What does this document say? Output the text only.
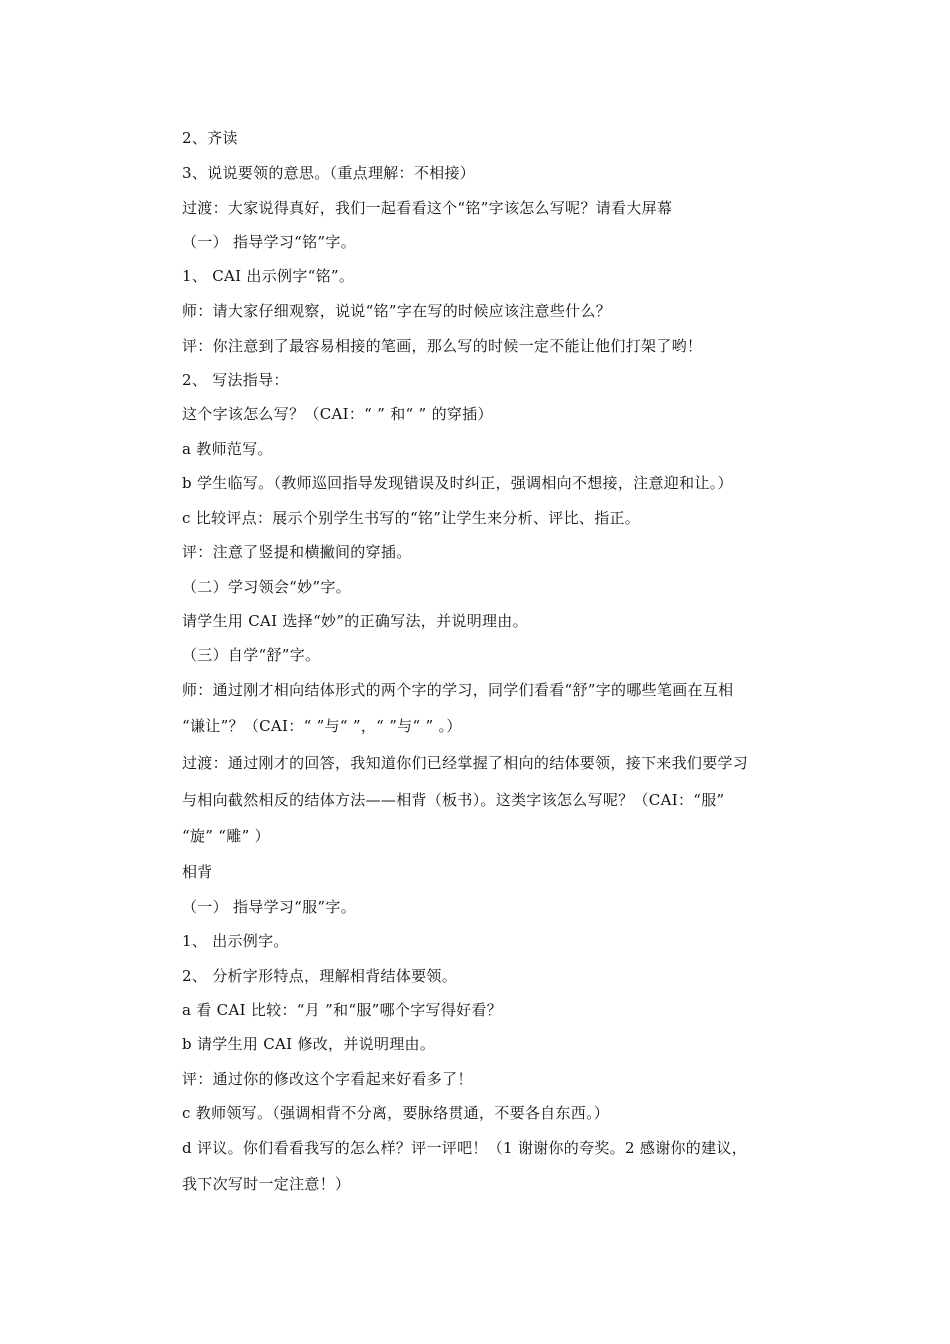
2、齐读
3、说说要领的意思。（重点理解：不相接）
过渡：大家说得真好，我们一起看看这个“铭”字该怎么写呢？请看大屏幕
（一） 指导学习“铭”字。
1、 CAI 出示例字“铭”。
师：请大家仔细观察，说说“铭”字在写的时候应该注意些什么？
评：你注意到了最容易相接的笔画，那么写的时候一定不能让他们打架了哟！
2、 写法指导：
这个字该怎么写？（CAI：“ ” 和“ ” 的穿插）
a 教师范写。
b 学生临写。（教师巡回指导发现错误及时纠正，强调相向不想接，注意迎和让。）
c 比较评点：展示个别学生书写的“铭”让学生来分析、评比、指正。
评：注意了竖提和横撇间的穿插。
（二）学习领会“妙”字。
请学生用 CAI 选择“妙”的正确写法，并说明理由。
（三）自学“舒”字。
师：通过刚才相向结体形式的两个字的学习，同学们看看“舒”字的哪些笔画在互相
“谦让”？（CAI：“ ”与“ ”，“ ”与“ ” 。）
过渡：通过刚才的回答，我知道你们已经掌握了相向的结体要领，接下来我们要学习
与相向截然相反的结体方法——相背（板书）。这类字该怎么写呢？（CAI：“服”
“旋” “雕” ）
相背
（一） 指导学习“服”字。
1、 出示例字。
2、 分析字形特点，理解相背结体要领。
a 看 CAI 比较：“月 ”和“服”哪个字写得好看？
b 请学生用 CAI 修改，并说明理由。
评：通过你的修改这个字看起来好看多了！
c 教师领写。（强调相背不分离，要脉络贯通，不要各自东西。）
d 评议。你们看看我写的怎么样？评一评吧！（1 谢谢你的夸奖。2 感谢你的建议，
我下次写时一定注意！）
